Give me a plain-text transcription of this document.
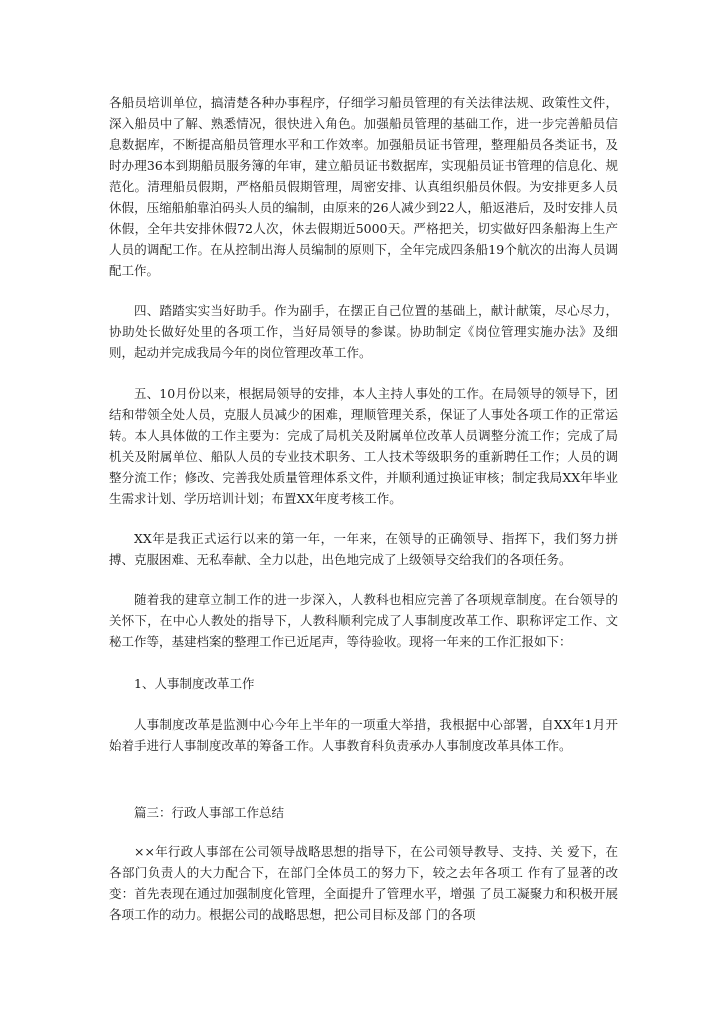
各船员培训单位，搞清楚各种办事程序，仔细学习船员管理的有关法律法规、政策性文件，深入船员中了解、熟悉情况，很快进入角色。加强船员管理的基础工作，进一步完善船员信息数据库，不断提高船员管理水平和工作效率。加强船员证书管理，整理船员各类证书，及时办理36本到期船员服务簿的年审，建立船员证书数据库，实现船员证书管理的信息化、规范化。清理船员假期，严格船员假期管理，周密安排、认真组织船员休假。为安排更多人员休假，压缩船舶靠泊码头人员的编制，由原来的26人减少到22人，船返港后，及时安排人员休假，全年共安排休假72人次，休去假期近5000天。严格把关，切实做好四条船海上生产人员的调配工作。在从控制出海人员编制的原则下，全年完成四条船19个航次的出海人员调配工作。

四、踏踏实实当好助手。作为副手，在摆正自己位置的基础上，献计献策，尽心尽力，协助处长做好处里的各项工作，当好局领导的参谋。协助制定《岗位管理实施办法》及细则，起动并完成我局今年的岗位管理改革工作。

五、10月份以来，根据局领导的安排，本人主持人事处的工作。在局领导的领导下，团结和带领全处人员，克服人员减少的困难，理顺管理关系，保证了人事处各项工作的正常运转。本人具体做的工作主要为：完成了局机关及附属单位改革人员调整分流工作；完成了局机关及附属单位、船队人员的专业技术职务、工人技术等级职务的重新聘任工作；人员的调整分流工作；修改、完善我处质量管理体系文件，并顺利通过换证审核；制定我局XX年毕业生需求计划、学历培训计划；布置XX年度考核工作。

XX年是我正式运行以来的第一年，一年来，在领导的正确领导、指挥下，我们努力拼搏、克服困难、无私奉献、全力以赴，出色地完成了上级领导交给我们的各项任务。

随着我的建章立制工作的进一步深入，人教科也相应完善了各项规章制度。在台领导的关怀下，在中心人教处的指导下，人教科顺利完成了人事制度改革工作、职称评定工作、文秘工作等，基建档案的整理工作已近尾声，等待验收。现将一年来的工作汇报如下：

1、人事制度改革工作

人事制度改革是监测中心今年上半年的一项重大举措，我根据中心部署，自XX年1月开始着手进行人事制度改革的筹备工作。人事教育科负责承办人事制度改革具体工作。

篇三：行政人事部工作总结

××年行政人事部在公司领导战略思想的指导下，在公司领导教导、支持、关 爱下，在各部门负责人的大力配合下，在部门全体员工的努力下，较之去年各项工 作有了显著的改变：首先表现在通过加强制度化管理，全面提升了管理水平，增强 了员工凝聚力和积极开展各项工作的动力。根据公司的战略思想，把公司目标及部 门的各项
